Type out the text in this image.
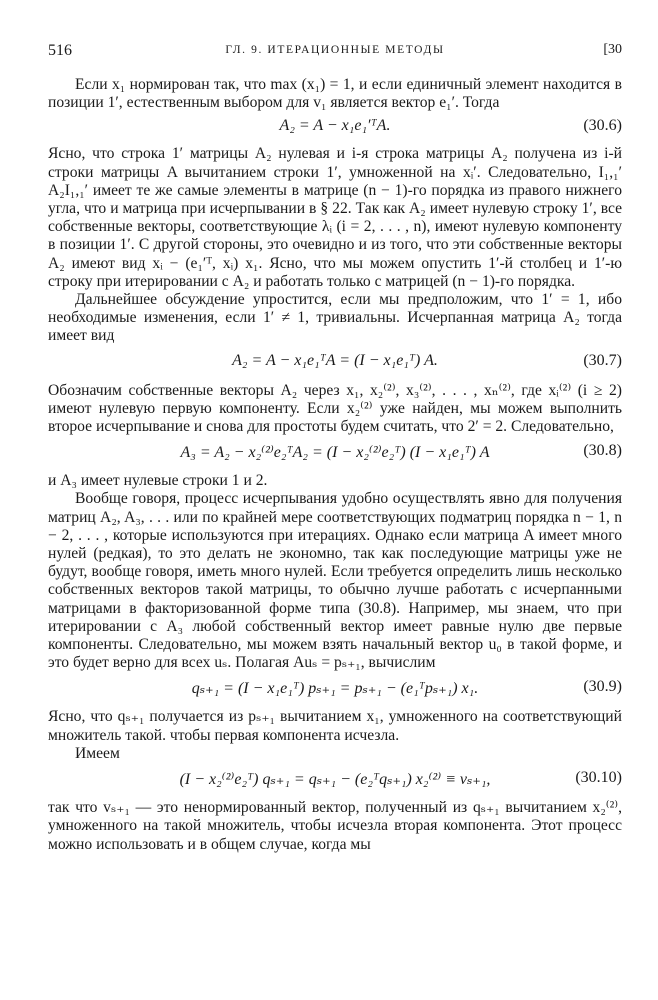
516	ГЛ. 9. ИТЕРАЦИОННЫЕ МЕТОДЫ	[30

Если x₁ нормирован так, что max (x₁) = 1, и если единичный элемент находится в позиции 1′, естественным выбором для v₁ является вектор e₁′. Тогда

A₂ = A − x₁e₁′ᵀA.	(30.6)

Ясно, что строка 1′ матрицы A₂ нулевая и i-я строка матрицы A₂ получена из i-й строки матрицы A вычитанием строки 1′, умноженной на xᵢ′. Следовательно, I₁,₁′ A₂I₁,₁′ имеет те же самые элементы в матрице (n − 1)-го порядка из правого нижнего угла, что и матрица при исчерпывании в § 22. Так как A₂ имеет нулевую строку 1′, все собственные векторы, соответствующие λᵢ (i = 2, . . . , n), имеют нулевую компоненту в позиции 1′. С другой стороны, это очевидно и из того, что эти собственные векторы A₂ имеют вид xᵢ − (e₁′ᵀ, xᵢ) x₁. Ясно, что мы можем опустить 1′-й столбец и 1′-ю строку при итерировании с A₂ и работать только с матрицей (n − 1)-го порядка.

Дальнейшее обсуждение упростится, если мы предположим, что 1′ = 1, ибо необходимые изменения, если 1′ ≠ 1, тривиальны. Исчерпанная матрица A₂ тогда имеет вид

A₂ = A − x₁e₁ᵀA = (I − x₁e₁ᵀ) A.	(30.7)

Обозначим собственные векторы A₂ через x₁, x₂⁽²⁾, x₃⁽²⁾, . . . , xₙ⁽²⁾, где xᵢ⁽²⁾ (i ≥ 2) имеют нулевую первую компоненту. Если x₂⁽²⁾ уже найден, мы можем выполнить второе исчерпывание и снова для простоты будем считать, что 2′ = 2. Следовательно,

A₃ = A₂ − x₂⁽²⁾e₂ᵀA₂ = (I − x₂⁽²⁾e₂ᵀ) (I − x₁e₁ᵀ) A	(30.8)

и A₃ имеет нулевые строки 1 и 2.

Вообще говоря, процесс исчерпывания удобно осуществлять явно для получения матриц A₂, A₃, . . . или по крайней мере соответствующих подматриц порядка n − 1, n − 2, . . . , которые используются при итерациях. Однако если матрица A имеет много нулей (редкая), то это делать не экономно, так как последующие матрицы уже не будут, вообще говоря, иметь много нулей. Если требуется определить лишь несколько собственных векторов такой матрицы, то обычно лучше работать с исчерпанными матрицами в факторизованной форме типа (30.8). Например, мы знаем, что при итерировании с A₃ любой собственный вектор имеет равные нулю две первые компоненты. Следовательно, мы можем взять начальный вектор u₀ в такой форме, и это будет верно для всех uₛ. Полагая Auₛ = pₛ₊₁, вычислим

qₛ₊₁ = (I − x₁e₁ᵀ) pₛ₊₁ = pₛ₊₁ − (e₁ᵀpₛ₊₁) x₁.	(30.9)

Ясно, что qₛ₊₁ получается из pₛ₊₁ вычитанием x₁, умноженного на соответствующий множитель такой. чтобы первая компонента исчезла.

Имеем

(I − x₂⁽²⁾e₂ᵀ) qₛ₊₁ = qₛ₊₁ − (e₂ᵀqₛ₊₁) x₂⁽²⁾ ≡ vₛ₊₁,	(30.10)

так что vₛ₊₁ — это ненормированный вектор, полученный из qₛ₊₁ вычитанием x₂⁽²⁾, умноженного на такой множитель, чтобы исчезла вторая компонента. Этот процесс можно использовать и в общем случае, когда мы
